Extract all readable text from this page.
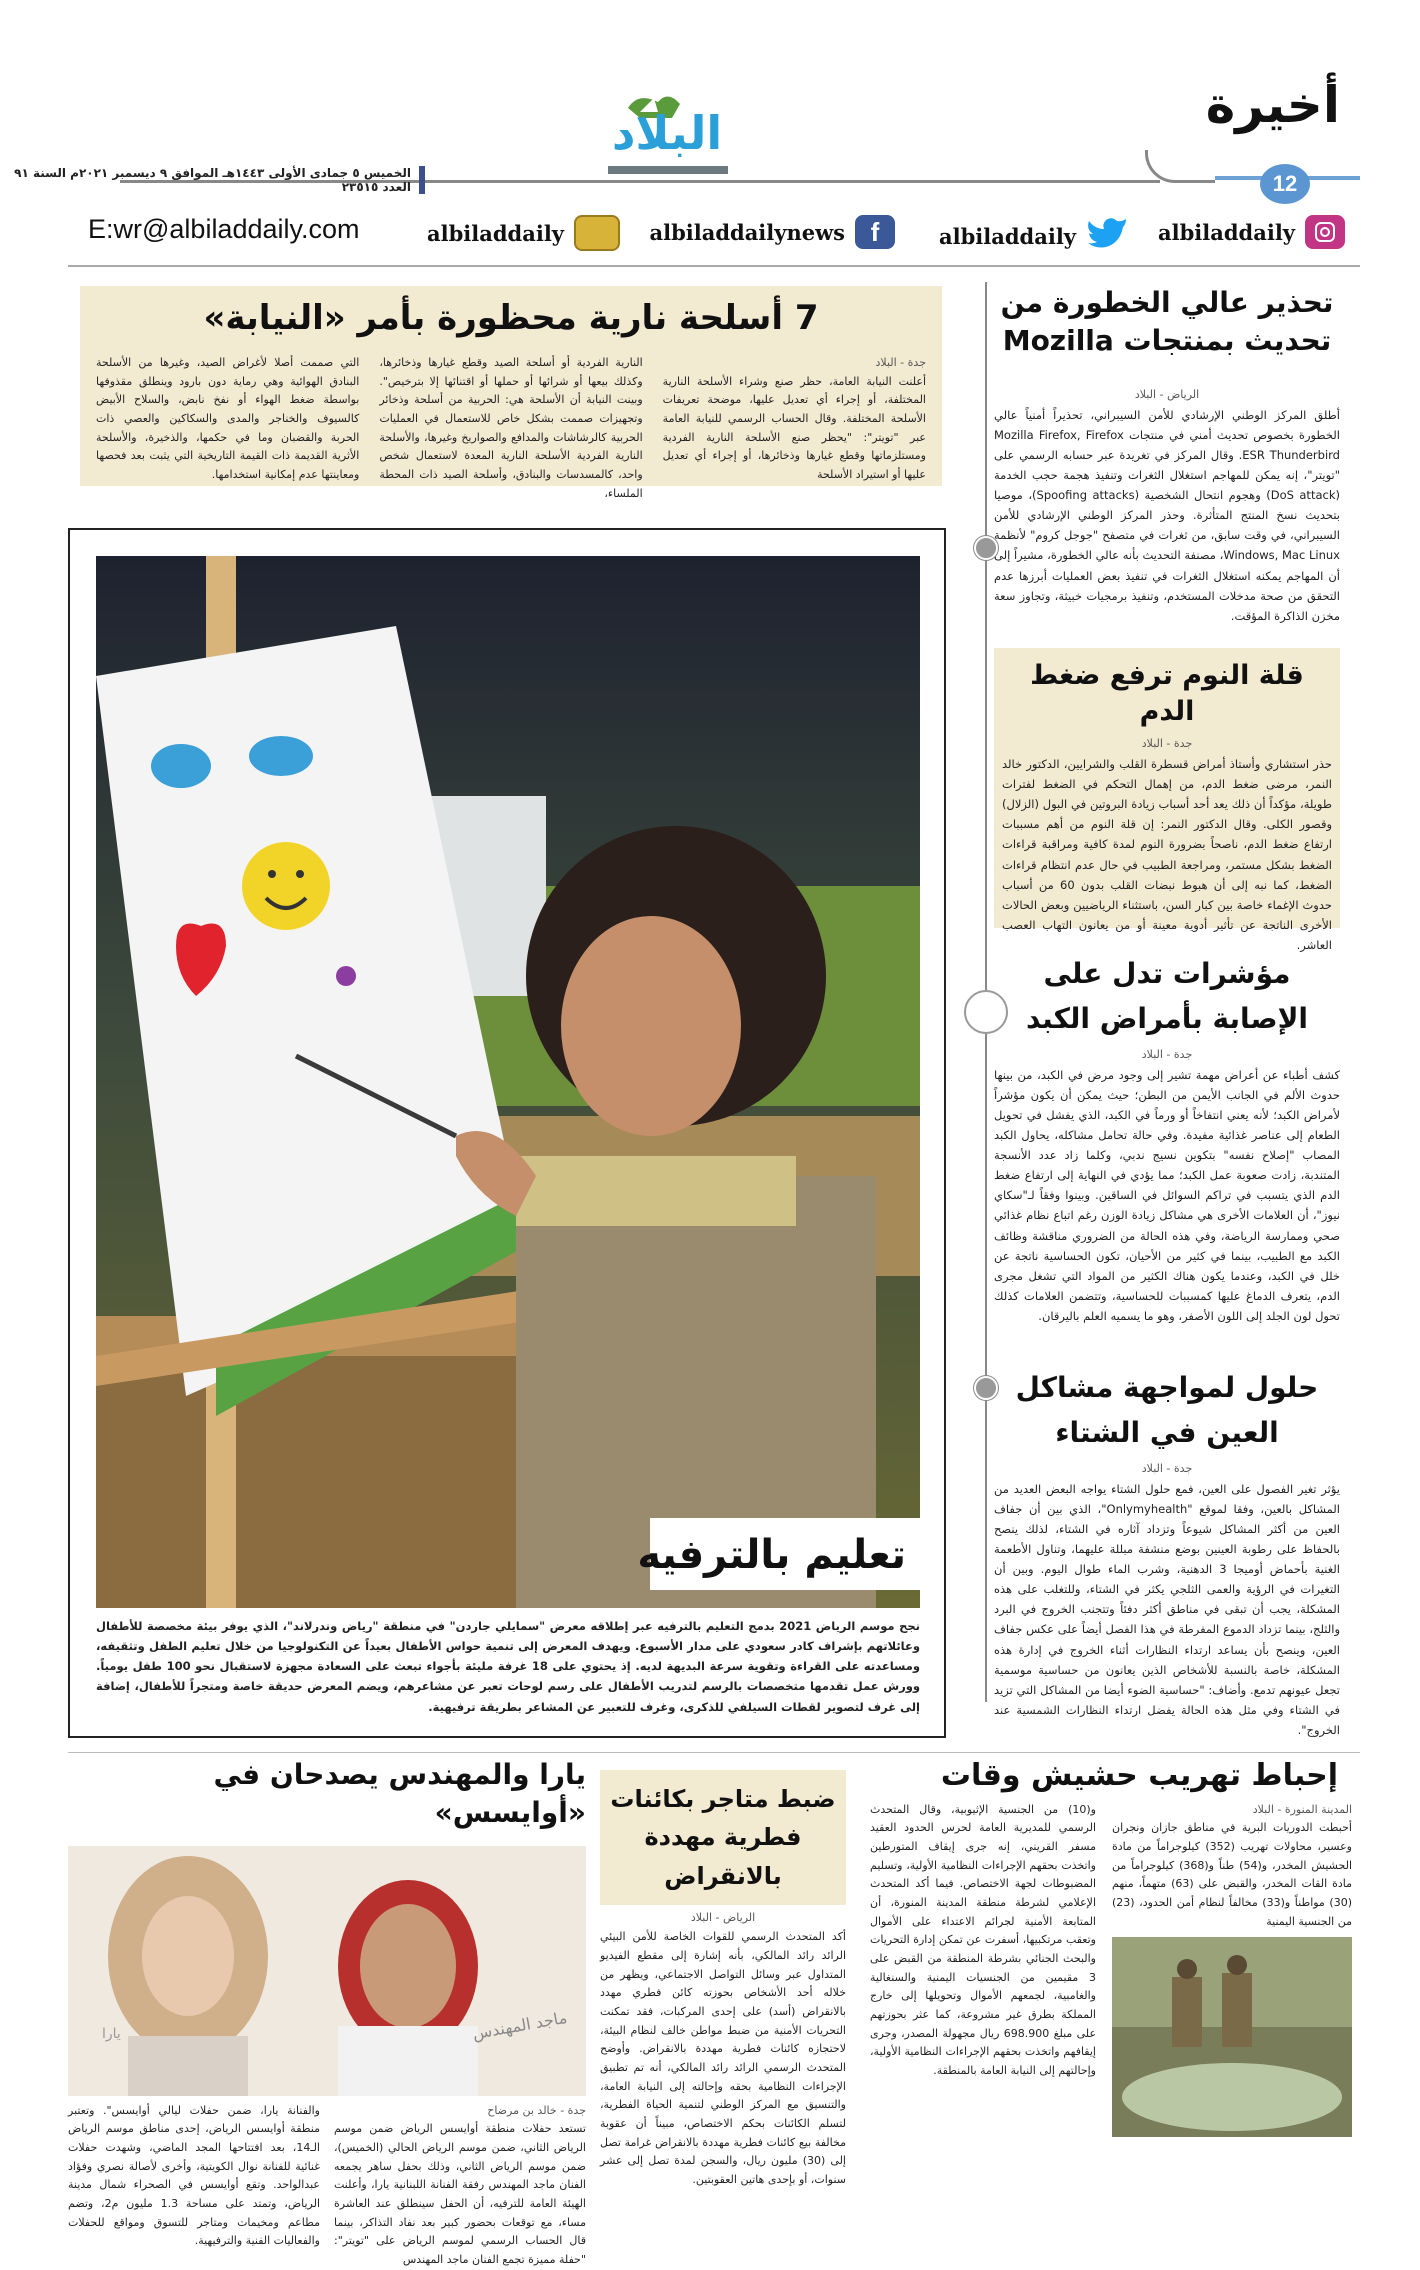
أخيرة
12
الخميس ٥ جمادى الأولى ١٤٤٣هـ الموافق ٩ ديسمبر ٢٠٢١م السنة ٩١ العدد ٢٣٥١٥
البلاد
albiladdaily
albiladdaily
f
albiladdailynews
albiladdaily
E:wr@albiladdaily.com
7 أسلحة نارية محظورة بأمر «النيابة»
جدة - البلاد
أعلنت النيابة العامة، حظر صنع وشراء الأسلحة النارية المختلفة، أو إجراء أي تعديل عليها، موضحة تعريفات الأسلحة المختلفة. وقال الحساب الرسمي للنيابة العامة عبر "تويتر": "يحظر صنع الأسلحة النارية الفردية ومستلزماتها وقطع غيارها وذخائرها، أو إجراء أي تعديل عليها أو استيراد الأسلحة
النارية الفردية أو أسلحة الصيد وقطع غيارها وذخائرها، وكذلك بيعها أو شرائها أو حملها أو اقتنائها إلا بترخيص". وبينت النيابة أن الأسلحة هي: الحربية من أسلحة وذخائر وتجهيزات صممت بشكل خاص للاستعمال في العمليات الحربية كالرشاشات والمدافع والصواريخ وغيرها، والأسلحة النارية الفردية الأسلحة النارية المعدة لاستعمال شخص واحد، كالمسدسات والبنادق، وأسلحة الصيد ذات المحطة الملساء،
التي صممت أصلا لأغراض الصيد، وغيرها من الأسلحة البنادق الهوائية وهي رماية دون بارود وينطلق مقذوفها بواسطة ضغط الهواء أو نفخ نابض، والسلاح الأبيض كالسيوف والخناجر والمدى والسكاكين والعصي ذات الحربة والقضبان وما في حكمها، والذخيرة، والأسلحة الأثرية القديمة ذات القيمة التاريخية التي يثبت بعد فحصها ومعاينتها عدم إمكانية استخدامها.
تعليم بالترفيه
نجح موسم الرياض 2021 بدمج التعليم بالترفيه عبر إطلاقه معرض "سمايلي جاردن" في منطقة "رياض وندرلاند"، الذي يوفر بيئة مخصصة للأطفال وعائلاتهم بإشراف كادر سعودي على مدار الأسبوع. ويهدف المعرض إلى تنمية حواس الأطفال بعيداً عن التكنولوجيا من خلال تعليم الطفل وتثقيفه، ومساعدته على القراءة وتقوية سرعة البديهة لديه. إذ يحتوي على 18 غرفة مليئة بأجواء تبعث على السعادة مجهزة لاستقبال نحو 100 طفل يومياً. وورش عمل تقدمها متخصصات بالرسم لتدريب الأطفال على رسم لوحات تعبر عن مشاعرهم، ويضم المعرض حديقة خاصة ومتجراً للأطفال، إضافة إلى غرف لتصوير لقطات السيلفي للذكرى، وغرف للتعبير عن المشاعر بطريقة ترفيهية.
تحذير عالي الخطورة من تحديث بمنتجات Mozilla
الرياض - البلاد
أطلق المركز الوطني الإرشادي للأمن السيبراني، تحذيراً أمنياً عالي الخطورة بخصوص تحديث أمني في منتجات Mozilla Firefox, Firefox ESR Thunderbird. وقال المركز في تغريدة عبر حسابه الرسمي على "تويتر"، إنه يمكن للمهاجم استغلال الثغرات وتنفيذ هجمة حجب الخدمة (DoS attack) وهجوم انتحال الشخصية (Spoofing attacks)، موصيا بتحديث نسخ المنتج المتأثرة. وحذر المركز الوطني الإرشادي للأمن السيبراني، في وقت سابق، من ثغرات في متصفح "جوجل كروم" لأنظمة Windows, Mac Linux، مصنفة التحديث بأنه عالي الخطورة، مشيراً إلى أن المهاجم يمكنه استغلال الثغرات في تنفيذ بعض العمليات أبرزها عدم التحقق من صحة مدخلات المستخدم، وتنفيذ برمجيات خبيثة، وتجاوز سعة مخزن الذاكرة المؤقت.
قلة النوم ترفع ضغط الدم
جدة - البلاد
حذر استشاري وأستاذ أمراض قسطرة القلب والشرايين، الدكتور خالد النمر، مرضى ضغط الدم، من إهمال التحكم في الضغط لفترات طويلة، مؤكداً أن ذلك يعد أحد أسباب زيادة البروتين في البول (الزلال) وقصور الكلى. وقال الدكتور النمر: إن قلة النوم من أهم مسببات ارتفاع ضغط الدم، ناصحاً بضرورة النوم لمدة كافية ومراقبة قراءات الضغط بشكل مستمر، ومراجعة الطبيب في حال عدم انتظام قراءات الضغط، كما نبه إلى أن هبوط نبضات القلب بدون 60 من أسباب حدوث الإغماء خاصة بين كبار السن، باستثناء الرياضيين وبعض الحالات الأخرى الناتجة عن تأثير أدوية معينة أو من يعانون التهاب العصب العاشر.
مؤشرات تدل على الإصابة بأمراض الكبد
جدة - البلاد
كشف أطباء عن أعراض مهمة تشير إلى وجود مرض في الكبد، من بينها حدوث الألم في الجانب الأيمن من البطن؛ حيث يمكن أن يكون مؤشراً لأمراض الكبد؛ لأنه يعني انتفاخاً أو ورماً في الكبد، الذي يفشل في تحويل الطعام إلى عناصر غذائية مفيدة. وفي حالة تحامل مشاكله، يحاول الكبد المصاب "إصلاح نفسه" بتكوين نسيج ندبي، وكلما زاد عدد الأنسجة المتندبة، زادت صعوبة عمل الكبد؛ مما يؤدي في النهاية إلى ارتفاع ضغط الدم الذي يتسبب في تراكم السوائل في الساقين. وبينوا وفقاً لـ"سكاي نيوز"، أن العلامات الأخرى هي مشاكل زيادة الوزن رغم اتباع نظام غذائي صحي وممارسة الرياضة، وفي هذه الحالة من الضروري مناقشة وظائف الكبد مع الطبيب، بينما في كثير من الأحيان، تكون الحساسية ناتجة عن خلل في الكبد، وعندما يكون هناك الكثير من المواد التي تشغل مجرى الدم، يتعرف الدماغ عليها كمسببات للحساسية، وتتضمن العلامات كذلك تحول لون الجلد إلى اللون الأصفر، وهو ما يسميه العلم باليرقان.
حلول لمواجهة مشاكل العين في الشتاء
جدة - البلاد
يؤثر تغير الفصول على العين، فمع حلول الشتاء يواجه البعض العديد من المشاكل بالعين، وفقا لموقع "Onlymyhealth"، الذي بين أن جفاف العين من أكثر المشاكل شيوعاً وتزداد آثاره في الشتاء، لذلك ينصح بالحفاظ على رطوبة العينين بوضع منشفة مبللة عليهما، وتناول الأطعمة الغنية بأحماض أوميجا 3 الدهنية، وشرب الماء طوال اليوم. وبين أن التغيرات في الرؤية والعمى الثلجي يكثر في الشتاء، وللتغلب على هذه المشكلة، يجب أن تبقى في مناطق أكثر دفئاً وتتجنب الخروج في البرد والثلج، بينما تزداد الدموع المفرطة في هذا الفصل أيضاً على عكس جفاف العين، وينصح بأن يساعد ارتداء النظارات أثناء الخروج في إدارة هذه المشكلة، خاصة بالنسبة للأشخاص الذين يعانون من حساسية موسمية تجعل عيونهم تدمع. وأضاف: "حساسية الضوء أيضا من المشاكل التي تزيد في الشتاء وفي مثل هذه الحالة يفضل ارتداء النظارات الشمسية عند الخروج".
إحباط تهريب حشيش وقات
المدينة المنورة - البلاد
أحبطت الدوريات البرية في مناطق جازان ونجران وعسير، محاولات تهريب (352) كيلوجراماً من مادة الحشيش المخدر، و(54) طناً و(368) كيلوجراماً من مادة القات المخدر، والقبض على (63) متهماً، منهم (30) مواطناً و(33) مخالفاً لنظام أمن الحدود، (23) من الجنسية اليمنية
و(10) من الجنسية الإثيوبية، وقال المتحدث الرسمي للمديرية العامة لحرس الحدود العقيد مسفر القريني، إنه جرى إيقاف المتورطين واتخذت بحقهم الإجراءات النظامية الأولية، وتسليم المضبوطات لجهة الاختصاص. فيما أكد المتحدث الإعلامي لشرطة منطقة المدينة المنورة، أن المتابعة الأمنية لجرائم الاعتداء على الأموال وتعقب مرتكبيها، أسفرت عن تمكن إدارة التحريات والبحث الجنائي بشرطة المنطقة من القبض على 3 مقيمين من الجنسيات اليمنية والسنغالية والغامبية، لجمعهم الأموال وتحويلها إلى خارج المملكة بطرق غير مشروعة، كما عثر بحوزتهم على مبلغ 698.900 ريال مجهولة المصدر، وجرى إيقافهم واتخذت بحقهم الإجراءات النظامية الأولية، وإحالتهم إلى النيابة العامة بالمنطقة.
ضبط متاجر بكائنات فطرية مهددة بالانقراض
الرياض - البلاد
أكد المتحدث الرسمي للقوات الخاصة للأمن البيئي الرائد رائد المالكي، بأنه إشارة إلى مقطع الفيديو المتداول عبر وسائل التواصل الاجتماعي، ويظهر من خلاله أحد الأشخاص بحوزته كائن فطري مهدد بالانقراض (أسد) على إحدى المركبات، فقد تمكنت التحريات الأمنية من ضبط مواطن خالف لنظام البيئة، لاحتجازه كائنات فطرية مهددة بالانقراض. وأوضح المتحدث الرسمي الرائد رائد المالكي، أنه تم تطبيق الإجراءات النظامية بحقه وإحالته إلى النيابة العامة، والتنسيق مع المركز الوطني لتنمية الحياة الفطرية، لتسلم الكائنات بحكم الاختصاص، مبيناً أن عقوبة مخالفة بيع كائنات فطرية مهددة بالانقراض غرامة تصل إلى (30) مليون ريال، والسجن لمدة تصل إلى عشر سنوات، أو بإحدى هاتين العقوبتين.
يارا والمهندس يصدحان في «أوايسس»
ماجد المهندس
يارا
جدة - خالد بن مرضاح
تستعد حفلات منطقة أوايسس الرياض ضمن موسم الرياض الثاني، ضمن موسم الرياض الحالي (الخميس)، ضمن موسم الرياض الثاني، وذلك بحفل ساهر يجمعه الفنان ماجد المهندس رفقة الفنانة اللبنانية يارا، وأعلنت الهيئة العامة للترفيه، أن الحفل سينطلق عند العاشرة مساء، مع توقعات بحضور كبير بعد نفاد التذاكر، بينما قال الحساب الرسمي لموسم الرياض على "تويتر": "حفلة مميزة تجمع الفنان ماجد المهندس
والفنانة يارا، ضمن حفلات ليالي أوايسس". وتعتبر منطقة أوايسس الرياض، إحدى مناطق موسم الرياض الـ14، بعد افتتاحها المجد الماضي، وشهدت حفلات غنائية للفنانة نوال الكويتية، وأخرى لأصالة نصري وفؤاد عبدالواحد. وتقع أوايسس في الصحراء شمال مدينة الرياض، وتمتد على مساحة 1.3 مليون م2، وتضم مطاعم ومخيمات ومتاجر للتسوق ومواقع للحفلات والفعاليات الفنية والترفيهية.
